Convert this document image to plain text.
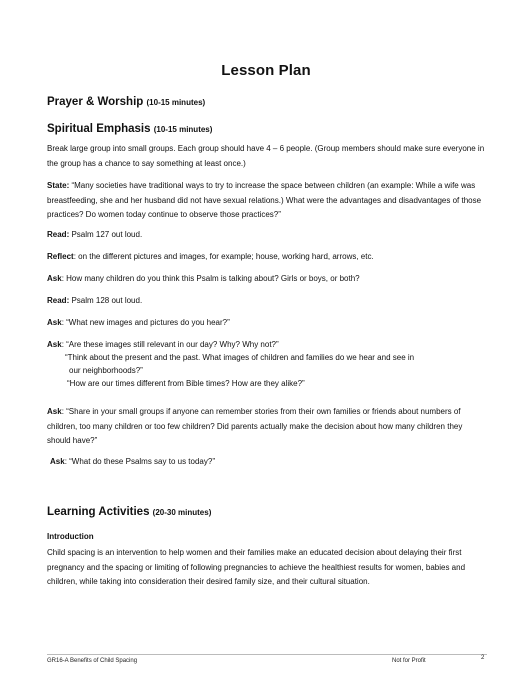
Lesson Plan
Prayer & Worship (10-15 minutes)
Spiritual Emphasis (10-15 minutes)
Break large group into small groups. Each group should have 4 – 6 people. (Group members should make sure everyone in the group has a chance to say something at least once.)
State: “Many societies have traditional ways to try to increase the space between children (an example: While a wife was breastfeeding, she and her husband did not have sexual relations.) What were the advantages and disadvantages of those practices? Do women today continue to observe those practices?”
Read: Psalm 127 out loud.
Reflect: on the different pictures and images, for example; house, working hard, arrows, etc.
Ask: How many children do you think this Psalm is talking about? Girls or boys, or both?
Read: Psalm 128 out loud.
Ask: “What new images and pictures do you hear?”
Ask: “Are these images still relevant in our day? Why? Why not?”
“Think about the present and the past. What images of children and families do we hear and see in
our neighborhoods?”
“How are our times different from Bible times? How are they alike?”
Ask: “Share in your small groups if anyone can remember stories from their own families or friends about numbers of children, too many children or too few children? Did parents actually make the decision about how many children they should have?”
Ask: “What do these Psalms say to us today?”
Learning Activities (20-30 minutes)
Introduction
Child spacing is an intervention to help women and their families make an educated decision about delaying their first pregnancy and the spacing or limiting of following pregnancies to achieve the healthiest results for women, babies and children, while taking into consideration their desired family size, and their cultural situation.
GR16-A Benefits of Child Spacing	Not for Profit	2
